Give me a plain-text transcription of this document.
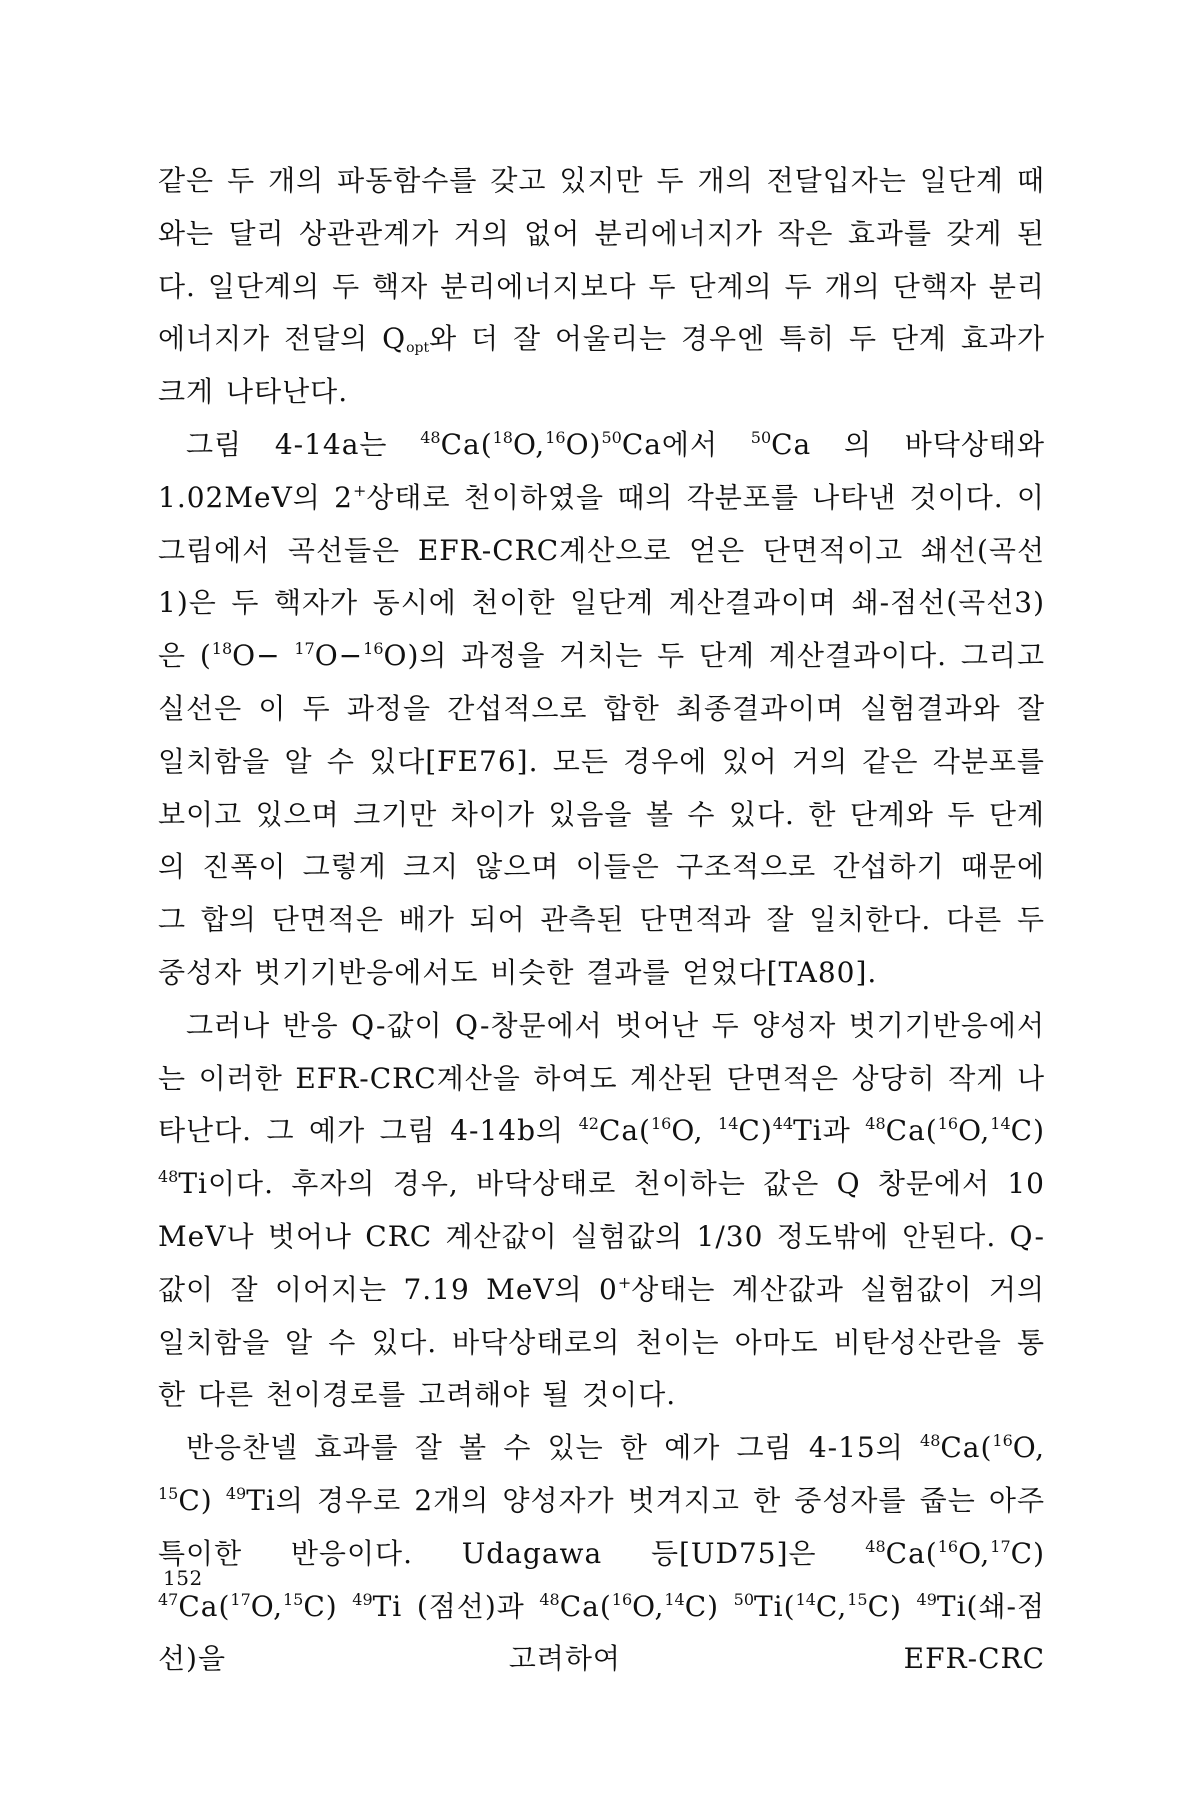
같은 두 개의 파동함수를 갖고 있지만 두 개의 전달입자는 일단계 때와는 달리 상관관계가 거의 없어 분리에너지가 작은 효과를 갖게 된다. 일단계의 두 핵자 분리에너지보다 두 단계의 두 개의 단핵자 분리에너지가 전달의 $Q_{opt}$와 더 잘 어울리는 경우엔 특히 두 단계 효과가 크게 나타난다.

그림 4-14a는 $^{48}Ca(^{18}O,^{16}O)^{50}Ca$에서 $^{50}$Ca 의 바닥상태와 1.02MeV의 2+상태로 천이하였을 때의 각분포를 나타낸 것이다. 이 그림에서 곡선들은 EFR-CRC계산으로 얻은 단면적이고 쇄선(곡선1)은 두 핵자가 동시에 천이한 일단계 계산결과이며 쇄-점선(곡선3)은 ($^{18}$O− $^{17}$O−$^{16}$O)의 과정을 거치는 두 단계 계산결과이다. 그리고 실선은 이 두 과정을 간섭적으로 합한 최종결과이며 실험결과와 잘 일치함을 알 수 있다[FE76]. 모든 경우에 있어 거의 같은 각분포를 보이고 있으며 크기만 차이가 있음을 볼 수 있다. 한 단계와 두 단계의 진폭이 그렇게 크지 않으며 이들은 구조적으로 간섭하기 때문에 그 합의 단면적은 배가 되어 관측된 단면적과 잘 일치한다. 다른 두 중성자 벗기기반응에서도 비슷한 결과를 얻었다[TA80].

그러나 반응 Q-값이 Q-창문에서 벗어난 두 양성자 벗기기반응에서는 이러한 EFR-CRC계산을 하여도 계산된 단면적은 상당히 작게 나타난다. 그 예가 그림 4-14b의 $^{42}$Ca($^{16}$O, $^{14}$C)$^{44}$Ti과 $^{48}$Ca($^{16}$O,$^{14}$C) $^{48}$Ti이다. 후자의 경우, 바닥상태로 천이하는 값은 Q 창문에서 10 MeV나 벗어나 CRC 계산값이 실험값의 1/30 정도밖에 안된다. Q-값이 잘 이어지는 7.19 MeV의 0+상태는 계산값과 실험값이 거의 일치함을 알 수 있다. 바닥상태로의 천이는 아마도 비탄성산란을 통한 다른 천이경로를 고려해야 될 것이다.

반응찬넬 효과를 잘 볼 수 있는 한 예가 그림 4-15의 $^{48}$Ca($^{16}$O, $^{15}$C) $^{49}$Ti의 경우로 2개의 양성자가 벗겨지고 한 중성자를 줍는 아주 특이한 반응이다. Udagawa 등[UD75]은 $^{48}$Ca($^{16}$O,$^{17}$C) $^{47}$Ca($^{17}$O,$^{15}$C) $^{49}$Ti (점선)과 $^{48}$Ca($^{16}$O,$^{14}$C) $^{50}$Ti($^{14}$C,$^{15}$C) $^{49}$Ti(쇄-점선)을 고려하여 EFR-CRC

152
